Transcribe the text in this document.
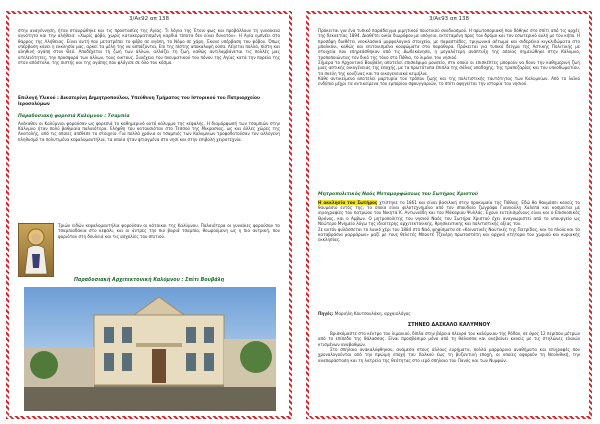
3/Aε92 απ 138

στην αναγέννηση, ήταν σταυρώθηκε και τις προστασίες της Αγίας. Τι λόγια της Έτοιν φως και προβάλλουν τη γυναίκεια αγνότητα και την αλήθεια: «Χωρίς φόβο, χωρίς κατακερματισμένη καρδιά τίποτα δεν είναι δυνατόν». Η Αγία εμπνέει στο θάρρος της Αλήθειας. Είναι αυτή που μετατρέπει το φόβο σε αγάπη, το Νόμο σε χάρη. Έκανε υπέρβαση του φόβου. Όπως υπέρβαση κάνει η εκκλησία μας, αρκεί τα μέλη της να ασπάζονται, Επι της πίστης αποκαλυφή ούσα. Λέγεται πολλά, πίστη και αληθινή αγάπη στον Θεό. Αποδέχεται τη ζωή των άλλων, αλλάζει τη ζωή, καθώς αντιλαμβάνεται τις πολλές μας ατελειότητες, την προσφορά των άλλων, τους οικτους. Συνέχεια του πνευματικού του πόνου της Αγίας κατά την πορεία της στον απόστολο, της πιστής και της αγάπης που φλόγισε σε όλο τον κόσμο.

Επιλογή Υλικού : Αικατερίνη Δημητροπούλου, Υπεύθυνη Τμήματος του Ιστορικού του Πατριαρχείου Ιεροσολύμων

Παραδοσιακή φορεσιά Καλύμνου : Τσαμπία

Ανέκαθεν οι Καλύμνιοι φορούσαν ως φορεσιά το καθημερινό αυτό κάλυμμα της κεφαλής. Η διαμόρφωσή των τσαμπιών στην Κάλυμνο ήταν πολύ βαθμιαία παλαιότερα. Ελήφθη του κατουσιόταν στο Τεσσού της Μικρασίας, ως και άλλες χώρες της Ανατολής, από τις οποίες απέθεσε το στοιχείο. Για πολλά χρόνια οι τσαμπιές των Καλυμνίων τροφοδοτούσαν τον αλλογενή πληθυσμό τα πολυτιμένα κεφαλομαντήλια, τα οποία ήταν φτιαγμένα στο νησί και στην επιβολή χειροτεχνία.

Τριών ειδών κεφαλομαντήλια φορούσαν οι κάτοικοι της Καλύμνου. Παλαιότερα οι γυναίκες φορούσαν τα τσαμπιαδάκια στο κεφάλι, και οι άντρες την πιο βαριά τσαμπία, θεωρούμενη ως η πιο αντρική, που φοριόταν στη δουλειά και τις ασχολίες του σπιτιού.

Παραδοσιακή Αρχιτεκτονική Καλύμνου : Σπίτι Βουβάλη

3/Aε93 απ 138

Πρόκειται για ένα τυπικό παράδειγμα μιμητικού ποιοτικού συνδυασμού. Η πρωτοποριακή που δόθηκε στο σπίτι από τις αρχές της δεκαετίας 1894. Διαθέτει οικία διωρόφου με υπόγειο, εκτεταμένη προς τον δρόμο και τον εσωτερικό αυλή με τον κήπο. Η προσόψη διαθέτει νεοκλασικά μορφολογικά στοιχεία, με παραστάδες, τριγωνικά αέτωμα και σιδερένια κιγκλιδώματα στο μπαλκόνι, καθώς και επιτονισμένα κουφώματα στα παράθυρα. Πρόκειται για τυπικό δείγμα της Αστικής Πολιτικής με στοιχεία που επηρεάσθηκαν από τις Δωδεκάνησα, η μεγαλύτερη ανάπτυξη της οποίας σημειώθηκε στην Κάλυμνο, τροποποιώντας τον δικό της τόνο στο Πόθια, το λιμάνι του νησιού.

Σήμερα το Αρχοντικό Βουβάλη αποτελεί επισκέψιμο μουσείο, στο οποίο οι επισκέπτες μπορούν να δουν την καθημερινή ζωή μιας αστικής οικογένειας της εποχής, με τα πρωτότυπα έπιπλα της σάλας υποδοχής, της τραπεζαρίας και του υπνοδωματίου, τα σκεύη της κουζίνας και τα οικογενειακά κειμήλια.

Κάθε αντικείμενο αποτελεί μαρτυρία του τρόπου ζωής και της πολιτιστικής ταυτότητας των Καλυμνίων. Από το λαϊκό ενδύπιο μέχρι τα αντικείμενα του εμπορίου σφουγγαριών, το σπίτι αφηγείται την ιστορία του νησιού.

Μητροπολιτικός Ναός Μεταμορφώσεως του Σωτήρος Χριστού

Η ακκλησία του Σωτήρος χτίστηκε το 1861 και είναι βασιλική στην προκυμαία της Πόθιας. Εδώ θα θαυμάσει κανείς το θαυμάσιο εντός της, το οποίο είναι φιλοτεχνημένο από τον σπουδαίο ζωγράφο Γιαννούλη Χαλεπά και κοσμείται με αγιογραφίες του πατρώου του Νικητά Κ. Αντωνιάδη και του Μάκαριου Ψυλλάς. Έχουν ευτελισμένους είναι και ο Επισκοπικός Θρόνος, και ο Αμβων. Ο μητροπολίτης του νησιού Ναός του Σωτήρα Χριστού έχει αναγνωριστεί από το υπουργείο ως Νεώτερο Μνημείο λόγω της ιδιαίτερης αρχιτεκτονικής, θρησκευτικής και πολιτιστικής αξίας του.

Σε αυτόν φυλάσσεται το λαικό χέρι του 1884 στο Ναό, ψηφίσματα σε «Κοινοτικές Ναυτικές της Πατρίδας, και τα πλοία και τα καταβράσια μαρμάρων» μαζί με τους θελετές Μπουτέ Τζενέρη πρωτοστάτη και αρχικό κτήτορα του χωριού και κυριακής εκκλησίας.

Πηγές: Μαριήλη Κουτσουλάκη, αρχαιολόγος

ΣΤΗΝΕΟ ΔΑΣΚΑΛΟ ΚΑΛΥΜΝΟΥ

Βρισκόμαστε στο κέντρο του λιμανιού, δίπλα στην βόρεια πλευρά του καλύμνιου της Ρόδου, σε ύψος 12 περίπου μέτρων από το επίπεδο της θάλασσας. Είναι προσβάσιμο μόνο από τη θάλασσα και ανεβαίνει κανείς με τις στηλώνες ελαιών κτισμένων αναβαθμών.

Στο σπήλαιο ανακαλύφθηκαν, ανάμεσα στους άλλους ευρήματα, πολλά μαρμάρινα αναθήματα και επιγραφές που χρονολογούνται από την πρώιμη εποχή του Χαλκού έως τη βυζαντινή εποχή, οι οποίες αφορούν τη Νεολιθική, την αναπαράσταση και τη λατρεία της θεότητας στο ιερό σπήλαιο του Πανός και των Νυμφών.
